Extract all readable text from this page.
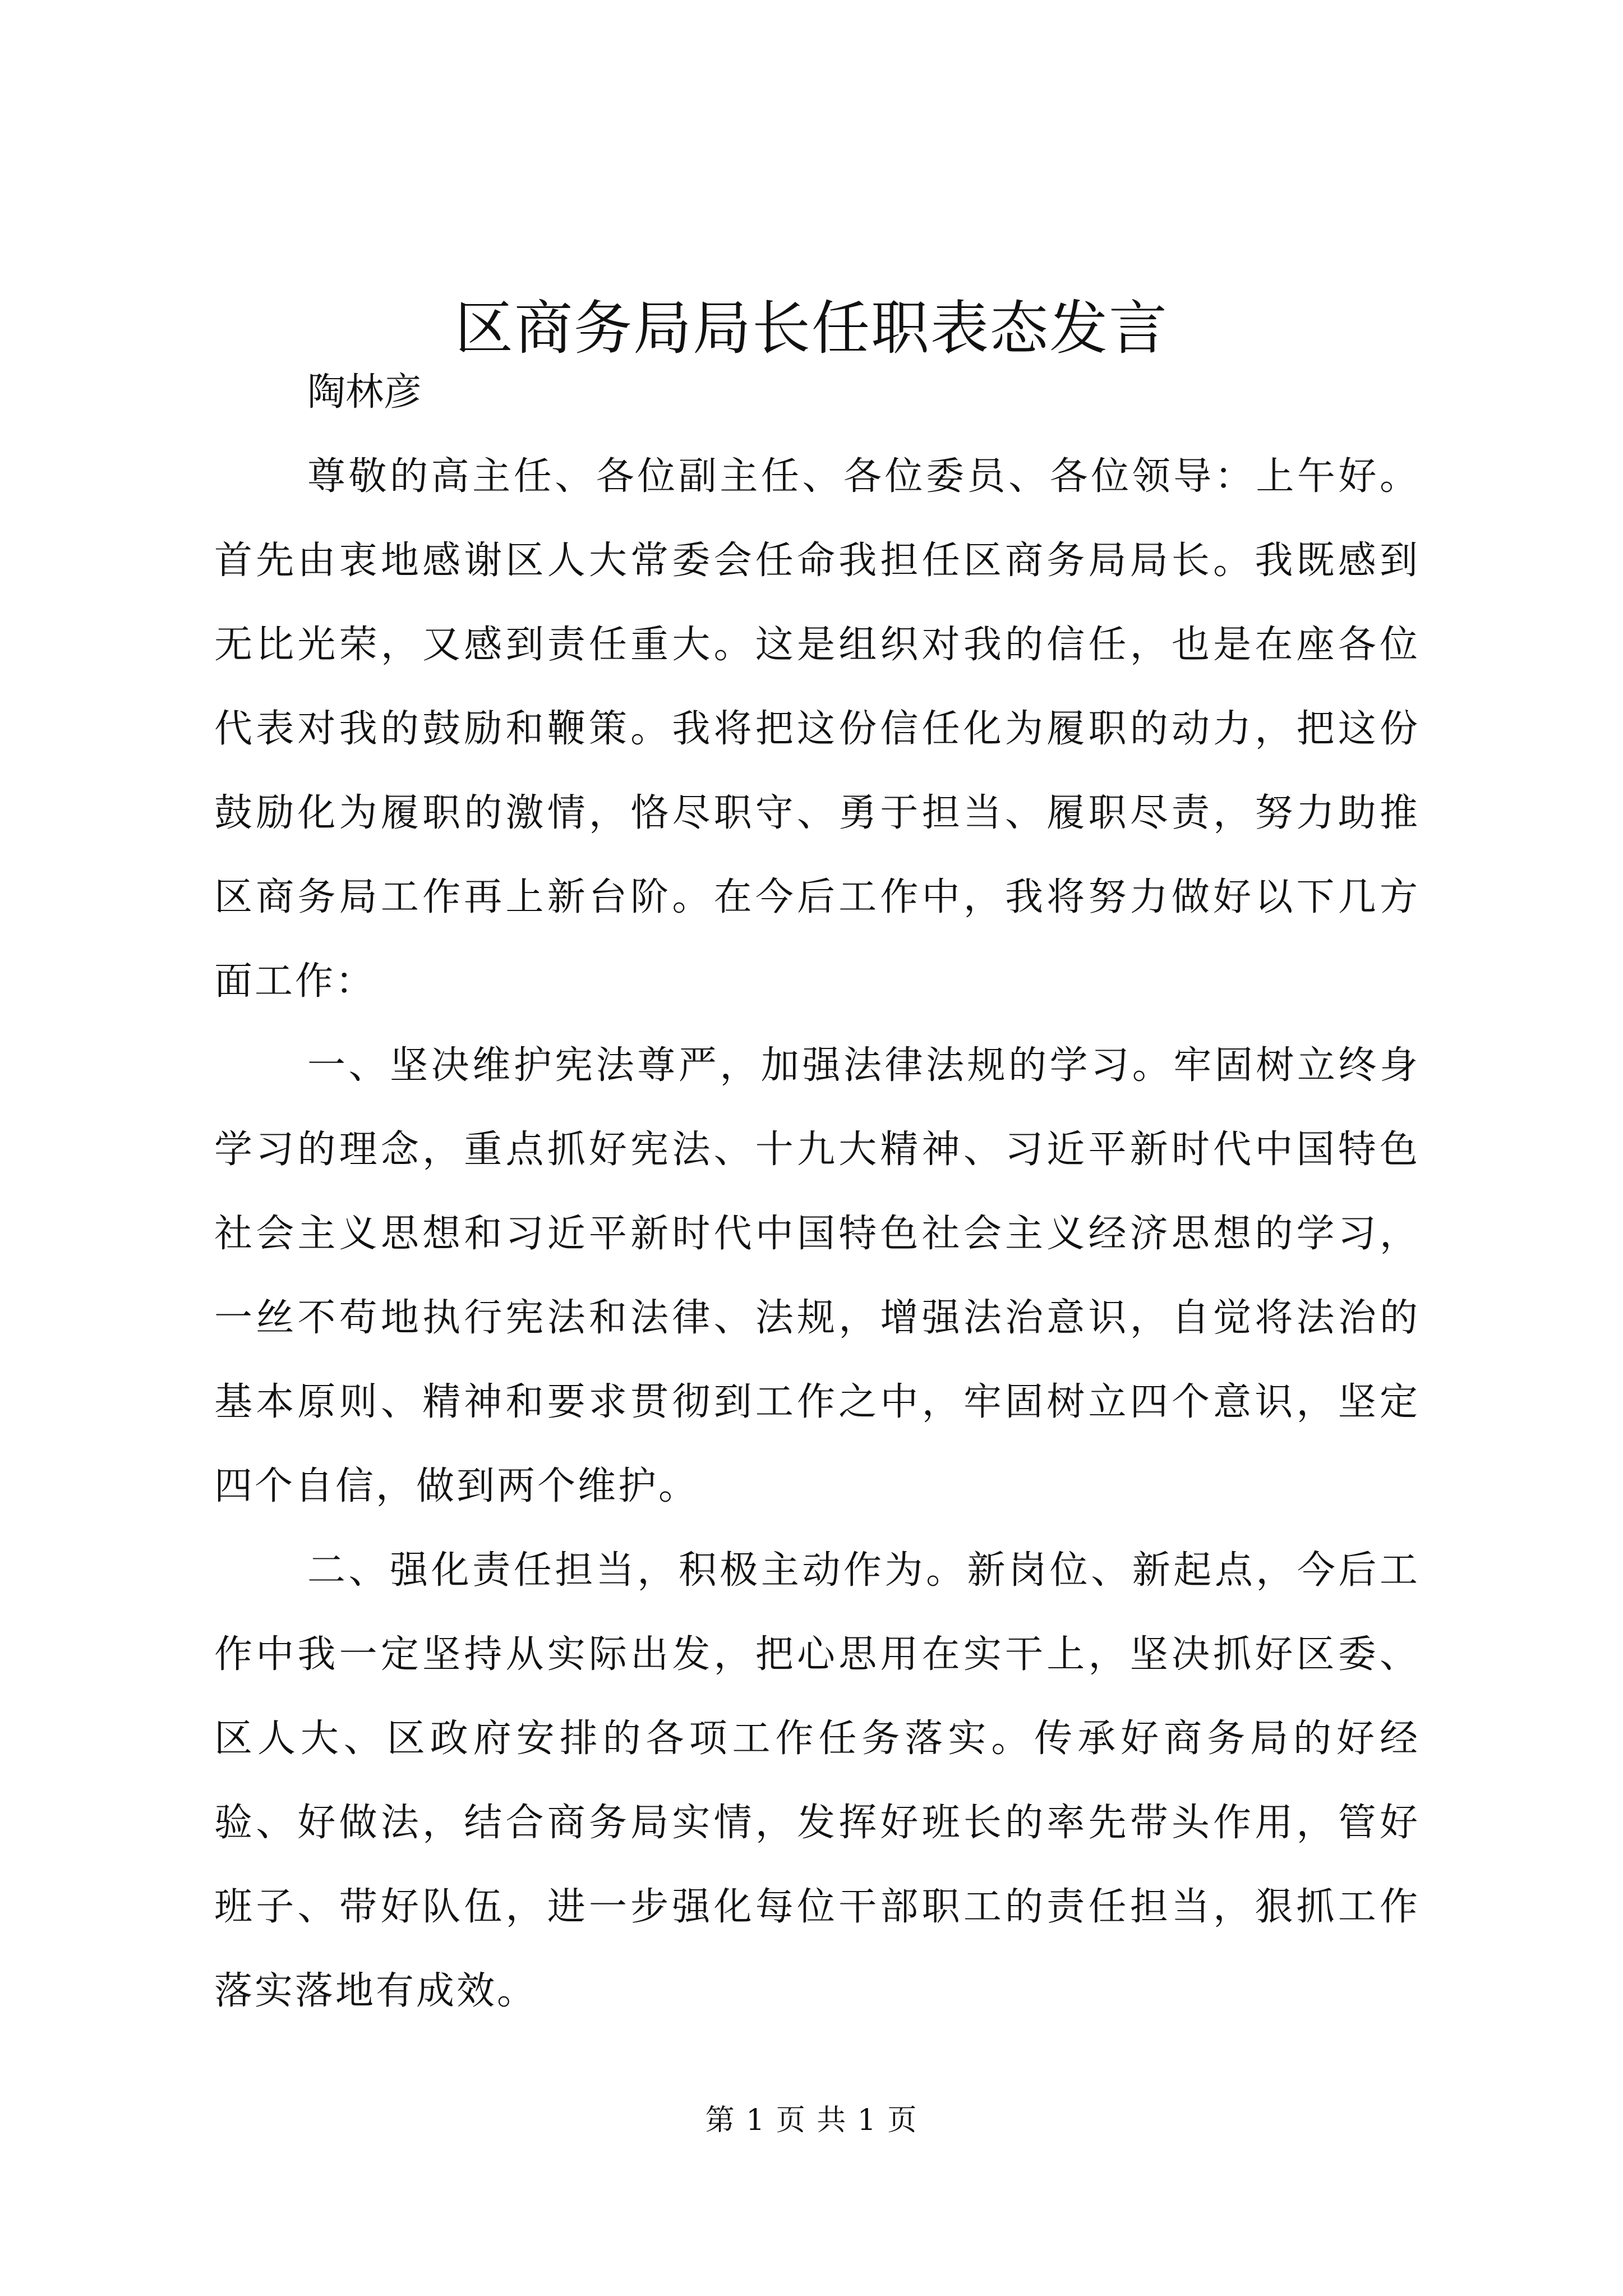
区商务局局长任职表态发言

陶林彦

尊敬的高主任、各位副主任、各位委员、各位领导：上午好。首先由衷地感谢区人大常委会任命我担任区商务局局长。我既感到无比光荣，又感到责任重大。这是组织对我的信任，也是在座各位代表对我的鼓励和鞭策。我将把这份信任化为履职的动力，把这份鼓励化为履职的激情，恪尽职守、勇于担当、履职尽责，努力助推区商务局工作再上新台阶。在今后工作中，我将努力做好以下几方面工作：

一、坚决维护宪法尊严，加强法律法规的学习。牢固树立终身学习的理念，重点抓好宪法、十九大精神、习近平新时代中国特色社会主义思想和习近平新时代中国特色社会主义经济思想的学习，一丝不苟地执行宪法和法律、法规，增强法治意识，自觉将法治的基本原则、精神和要求贯彻到工作之中，牢固树立四个意识，坚定四个自信，做到两个维护。

二、强化责任担当，积极主动作为。新岗位、新起点，今后工作中我一定坚持从实际出发，把心思用在实干上，坚决抓好区委、区人大、区政府安排的各项工作任务落实。传承好商务局的好经验、好做法，结合商务局实情，发挥好班长的率先带头作用，管好班子、带好队伍，进一步强化每位干部职工的责任担当，狠抓工作落实落地有成效。

第 1 页 共 1 页
